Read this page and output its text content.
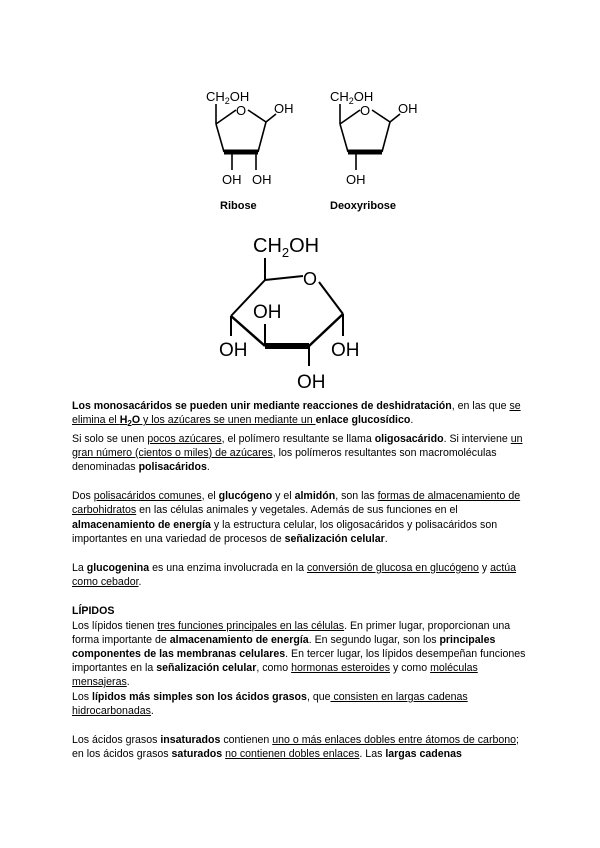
$CH_2OH$
O OH
OH OH
Ribose
$CH_2OH$
O OH
OH
Deoxyribose
$CH_2OH$
O
OH
OH	OH
OH

Los monosacáridos se pueden unir mediante reacciones de deshidratación, en las que se elimina el $H_2O$ y los azúcares se unen mediante un enlace glucosídico.

Si solo se unen pocos azúcares, el polímero resultante se llama oligosacárido. Si interviene un gran número (cientos o miles) de azúcares, los polímeros resultantes son macromoléculas denominadas polisacáridos.

Dos polisacáridos comunes, el glucógeno y el almidón, son las formas de almacenamiento de carbohidratos en las células animales y vegetales. Además de sus funciones en el almacenamiento de energía y la estructura celular, los oligosacáridos y polisacáridos son importantes en una variedad de procesos de señalización celular.

La glucogenina es una enzima involucrada en la conversión de glucosa en glucógeno y actúa como cebador.

LÍPIDOS

Los lípidos tienen tres funciones principales en las células. En primer lugar, proporcionan una forma importante de almacenamiento de energía. En segundo lugar, son los principales componentes de las membranas celulares. En tercer lugar, los lípidos desempeñan funciones importantes en la señalización celular, como hormonas esteroides y como moléculas mensajeras.

Los lípidos más simples son los ácidos grasos, que consisten en largas cadenas hidrocarbonadas.

Los ácidos grasos insaturados contienen uno o más enlaces dobles entre átomos de carbono; en los ácidos grasos saturados no contienen dobles enlaces. Las largas cadenas
